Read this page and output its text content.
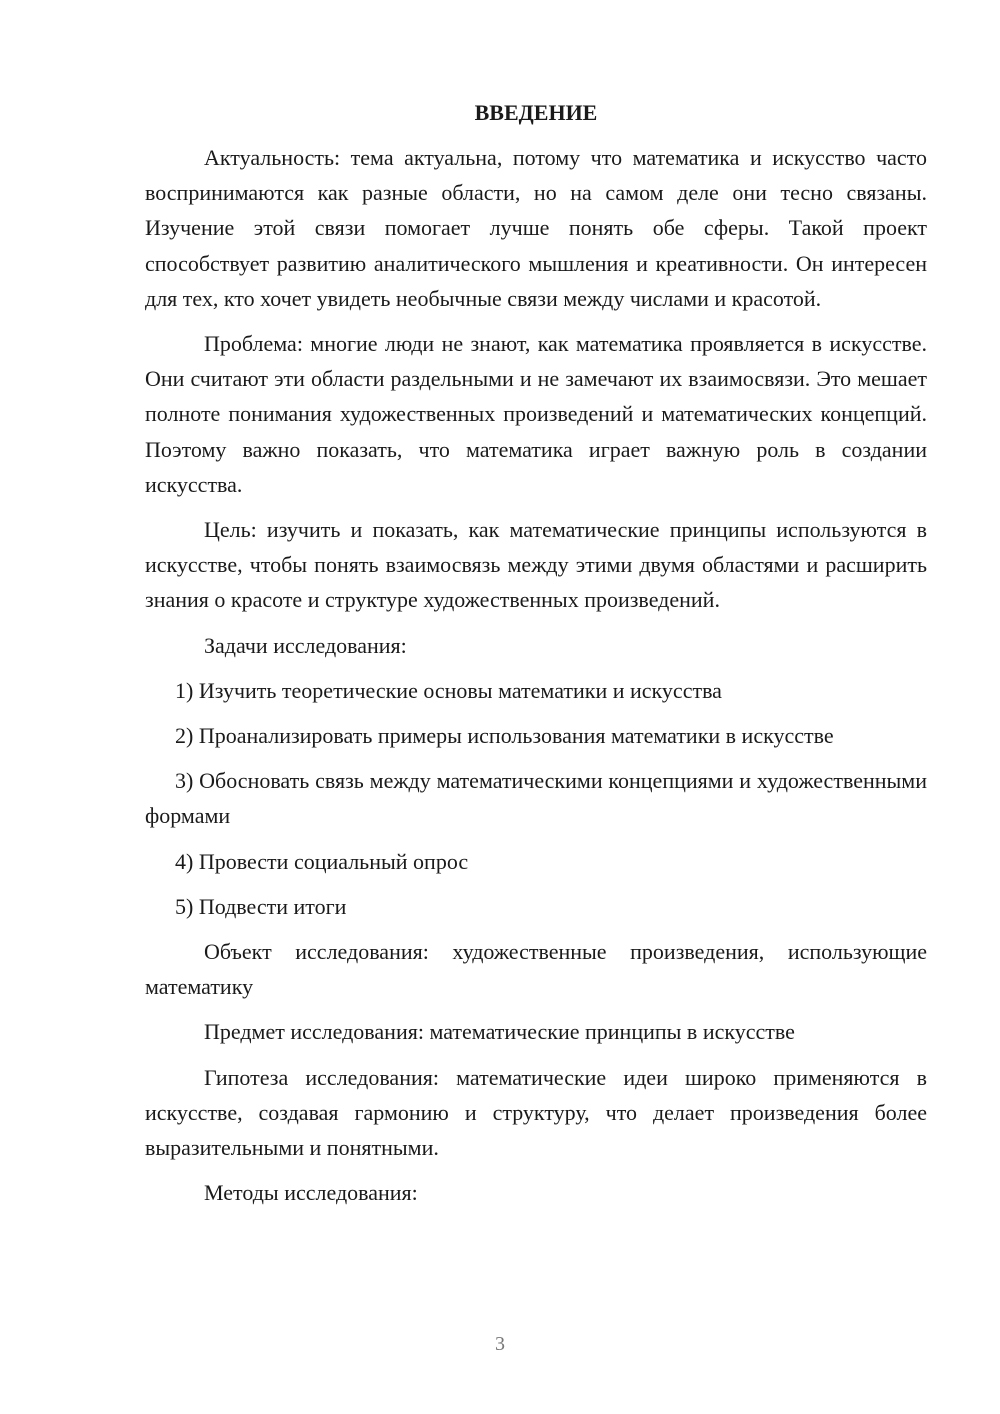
ВВЕДЕНИЕ

Актуальность: тема актуальна, потому что математика и искусство часто воспринимаются как разные области, но на самом деле они тесно связаны. Изучение этой связи помогает лучше понять обе сферы. Такой проект способствует развитию аналитического мышления и креативности. Он интересен для тех, кто хочет увидеть необычные связи между числами и красотой.

Проблема: многие люди не знают, как математика проявляется в искусстве. Они считают эти области раздельными и не замечают их взаимосвязи. Это мешает полноте понимания художественных произведений и математических концепций. Поэтому важно показать, что математика играет важную роль в создании искусства.

Цель: изучить и показать, как математические принципы используются в искусстве, чтобы понять взаимосвязь между этими двумя областями и расширить знания о красоте и структуре художественных произведений.

Задачи исследования:

1) Изучить теоретические основы математики и искусства

2) Проанализировать примеры использования математики в искусстве

3) Обосновать связь между математическими концепциями и художественными формами

4) Провести социальный опрос

5) Подвести итоги

Объект исследования: художественные произведения, использующие математику

Предмет исследования: математические принципы в искусстве

Гипотеза исследования: математические идеи широко применяются в искусстве, создавая гармонию и структуру, что делает произведения более выразительными и понятными.

Методы исследования:

3
